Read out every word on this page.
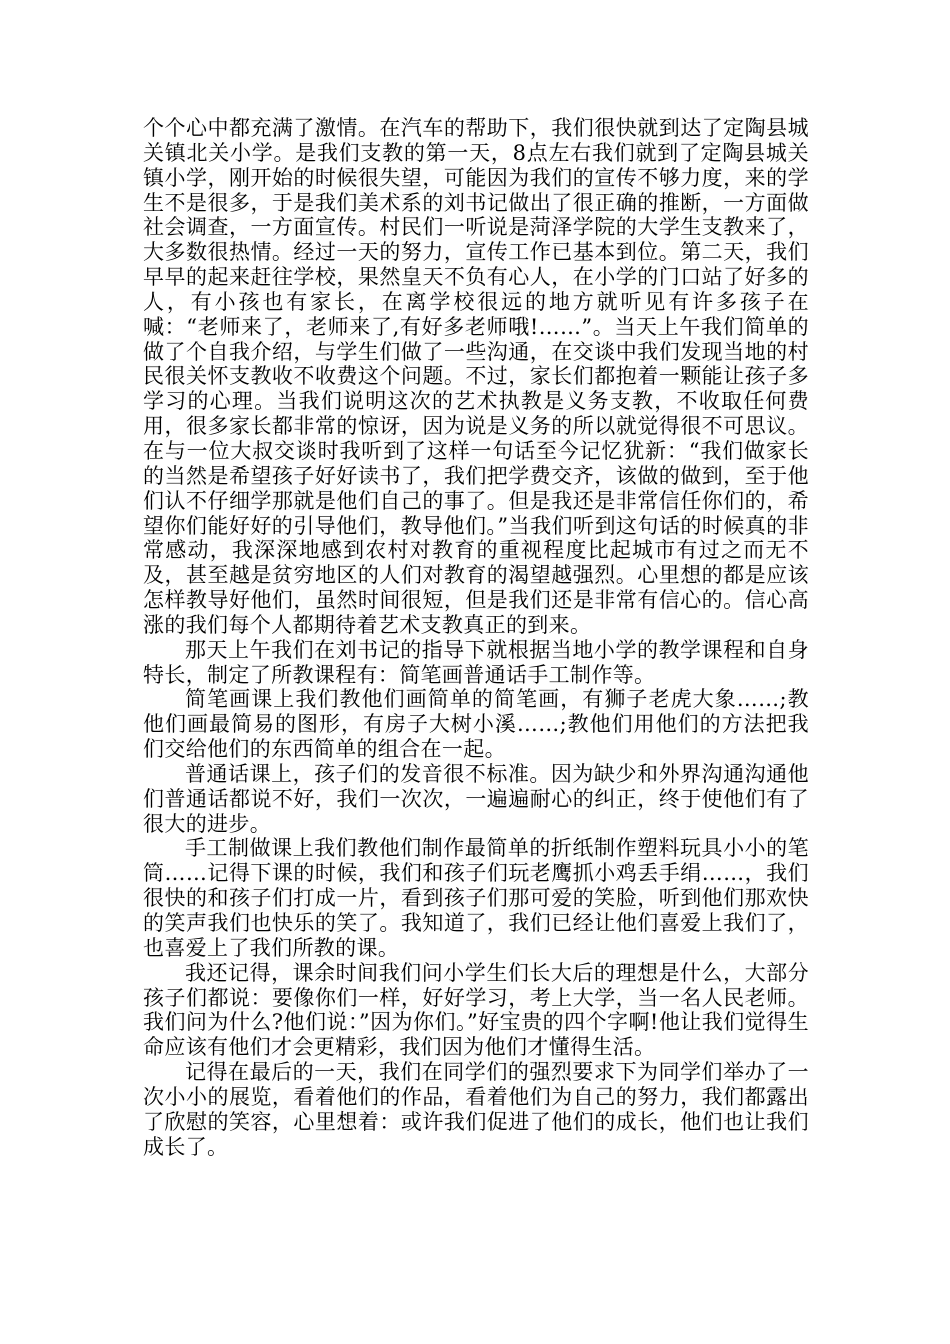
个个心中都充满了激情。在汽车的帮助下，我们很快就到达了定陶县城关镇北关小学。是我们支教的第一天，8点左右我们就到了定陶县城关镇小学，刚开始的时候很失望，可能因为我们的宣传不够力度，来的学生不是很多，于是我们美术系的刘书记做出了很正确的推断，一方面做社会调查，一方面宣传。村民们一听说是菏泽学院的大学生支教来了，大多数很热情。经过一天的努力，宣传工作已基本到位。第二天，我们早早的起来赶往学校，果然皇天不负有心人，在小学的门口站了好多的人，有小孩也有家长，在离学校很远的地方就听见有许多孩子在喊：“老师来了，老师来了,有好多老师哦!……”。当天上午我们简单的做了个自我介绍，与学生们做了一些沟通，在交谈中我们发现当地的村民很关怀支教收不收费这个问题。不过，家长们都抱着一颗能让孩子多学习的心理。当我们说明这次的艺术执教是义务支教，不收取任何费用，很多家长都非常的惊讶，因为说是义务的所以就觉得很不可思议。在与一位大叔交谈时我听到了这样一句话至今记忆犹新：“我们做家长的当然是希望孩子好好读书了，我们把学费交齐，该做的做到，至于他们认不仔细学那就是他们自己的事了。但是我还是非常信任你们的，希望你们能好好的引导他们，教导他们。”当我们听到这句话的时候真的非常感动，我深深地感到农村对教育的重视程度比起城市有过之而无不及，甚至越是贫穷地区的人们对教育的渴望越强烈。心里想的都是应该怎样教导好他们，虽然时间很短，但是我们还是非常有信心的。信心高涨的我们每个人都期待着艺术支教真正的到来。

那天上午我们在刘书记的指导下就根据当地小学的教学课程和自身特长，制定了所教课程有：简笔画普通话手工制作等。

简笔画课上我们教他们画简单的简笔画，有狮子老虎大象……;教他们画最简易的图形，有房子大树小溪……;教他们用他们的方法把我们交给他们的东西简单的组合在一起。

普通话课上，孩子们的发音很不标准。因为缺少和外界沟通沟通他们普通话都说不好，我们一次次，一遍遍耐心的纠正，终于使他们有了很大的进步。

手工制做课上我们教他们制作最简单的折纸制作塑料玩具小小的笔筒……记得下课的时候，我们和孩子们玩老鹰抓小鸡丢手绢……，我们很快的和孩子们打成一片，看到孩子们那可爱的笑脸，听到他们那欢快的笑声我们也快乐的笑了。我知道了，我们已经让他们喜爱上我们了，也喜爱上了我们所教的课。

我还记得，课余时间我们问小学生们长大后的理想是什么，大部分孩子们都说：要像你们一样，好好学习，考上大学，当一名人民老师。我们问为什么?他们说：”因为你们。”好宝贵的四个字啊!他让我们觉得生命应该有他们才会更精彩，我们因为他们才懂得生活。

记得在最后的一天，我们在同学们的强烈要求下为同学们举办了一次小小的展览，看着他们的作品，看着他们为自己的努力，我们都露出了欣慰的笑容，心里想着：或许我们促进了他们的成长，他们也让我们成长了。
